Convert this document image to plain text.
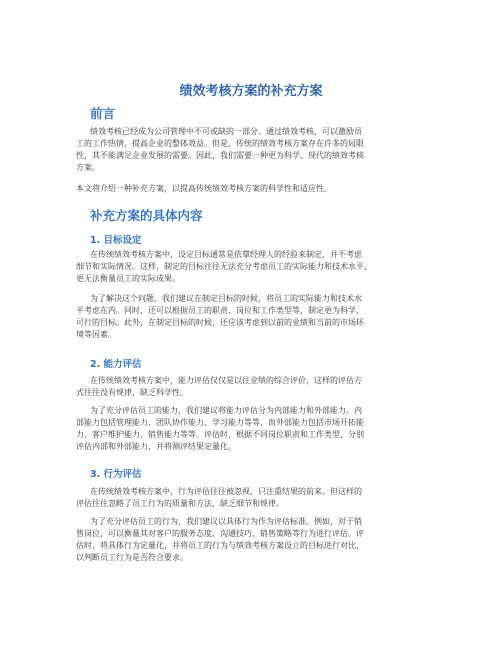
绩效考核方案的补充方案
前言
绩效考核已经成为公司管理中不可或缺的一部分。通过绩效考核，可以激励员
工的工作热情，提高企业的整体效益。但是，传统的绩效考核方案存在许多的局限
性，其不能满足企业发展的需要。因此，我们需要一种更为科学、现代的绩效考核
方案。
本文将介绍一种补充方案，以提高传统绩效考核方案的科学性和适应性。
补充方案的具体内容
1. 目标设定
在传统绩效考核方案中，设定目标通常是依靠经理人的经验来制定，并不考虑
细节和实际情况。这样，制定的目标往往无法充分考虑员工的实际能力和技术水平，
更无法衡量员工的实际成果。
为了解决这个问题，我们建议在制定目标的时候，将员工的实际能力和技术水
平考虑在内。同时，还可以根据员工的职责、岗位和工作类型等，制定更为科学、
可行的目标。此外，在制定目标的时候，还应该考虑到以前的业绩和当前的市场环
境等因素。
2. 能力评估
在传统绩效考核方案中，能力评估仅仅是以往业绩的综合评价，这样的评估方
式往往没有规律，缺乏科学性。
为了充分评估员工的能力，我们建议将能力评估分为内部能力和外部能力。内
部能力包括管理能力、团队协作能力、学习能力等等，而外部能力包括市场开拓能
力、客户维护能力、销售能力等等。评估时，根据不同岗位职责和工作类型，分别
评估内部和外部能力，并将测评结果定量化。
3. 行为评估
在传统绩效考核方案中，行为评估往往被忽视，只注重结果的前来。但这样的
评估往往忽略了员工行为的质量和方法，缺乏细节和规律。
为了充分评估员工的行为，我们建议以具体行为作为评估标准。例如，对于销
售岗位，可以衡量其对客户的服务态度、沟通技巧、销售策略等行为进行评估。评
估时，将具体行为定量化，并将员工的行为与绩效考核方案设立的目标进行对比，
以判断员工行为是否符合要求。
